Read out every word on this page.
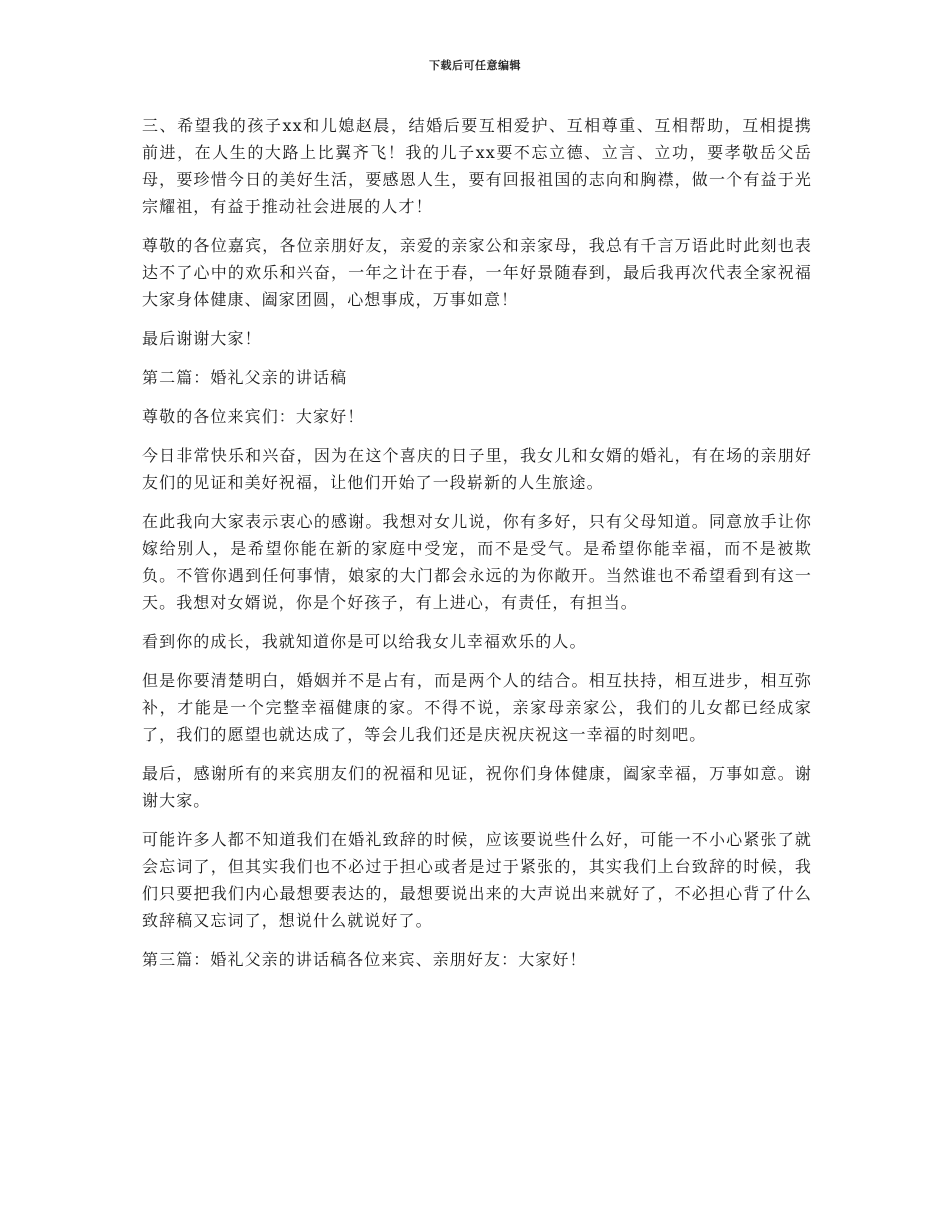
下载后可任意编辑

三、希望我的孩子xx和儿媳赵晨，结婚后要互相爱护、互相尊重、互相帮助，互相提携前进，在人生的大路上比翼齐飞！我的儿子xx要不忘立德、立言、立功，要孝敬岳父岳母，要珍惜今日的美好生活，要感恩人生，要有回报祖国的志向和胸襟，做一个有益于光宗耀祖，有益于推动社会进展的人才！

尊敬的各位嘉宾，各位亲朋好友，亲爱的亲家公和亲家母，我总有千言万语此时此刻也表达不了心中的欢乐和兴奋，一年之计在于春，一年好景随春到，最后我再次代表全家祝福大家身体健康、阖家团圆，心想事成，万事如意！

最后谢谢大家！

第二篇：婚礼父亲的讲话稿

尊敬的各位来宾们：大家好！

今日非常快乐和兴奋，因为在这个喜庆的日子里，我女儿和女婿的婚礼，有在场的亲朋好友们的见证和美好祝福，让他们开始了一段崭新的人生旅途。

在此我向大家表示衷心的感谢。我想对女儿说，你有多好，只有父母知道。同意放手让你嫁给别人，是希望你能在新的家庭中受宠，而不是受气。是希望你能幸福，而不是被欺负。不管你遇到任何事情，娘家的大门都会永远的为你敞开。当然谁也不希望看到有这一天。我想对女婿说，你是个好孩子，有上进心，有责任，有担当。

看到你的成长，我就知道你是可以给我女儿幸福欢乐的人。

但是你要清楚明白，婚姻并不是占有，而是两个人的结合。相互扶持，相互进步，相互弥补，才能是一个完整幸福健康的家。不得不说，亲家母亲家公，我们的儿女都已经成家了，我们的愿望也就达成了，等会儿我们还是庆祝庆祝这一幸福的时刻吧。

最后，感谢所有的来宾朋友们的祝福和见证，祝你们身体健康，阖家幸福，万事如意。谢谢大家。

可能许多人都不知道我们在婚礼致辞的时候，应该要说些什么好，可能一不小心紧张了就会忘词了，但其实我们也不必过于担心或者是过于紧张的，其实我们上台致辞的时候，我们只要把我们内心最想要表达的，最想要说出来的大声说出来就好了，不必担心背了什么致辞稿又忘词了，想说什么就说好了。

第三篇：婚礼父亲的讲话稿各位来宾、亲朋好友：大家好！
